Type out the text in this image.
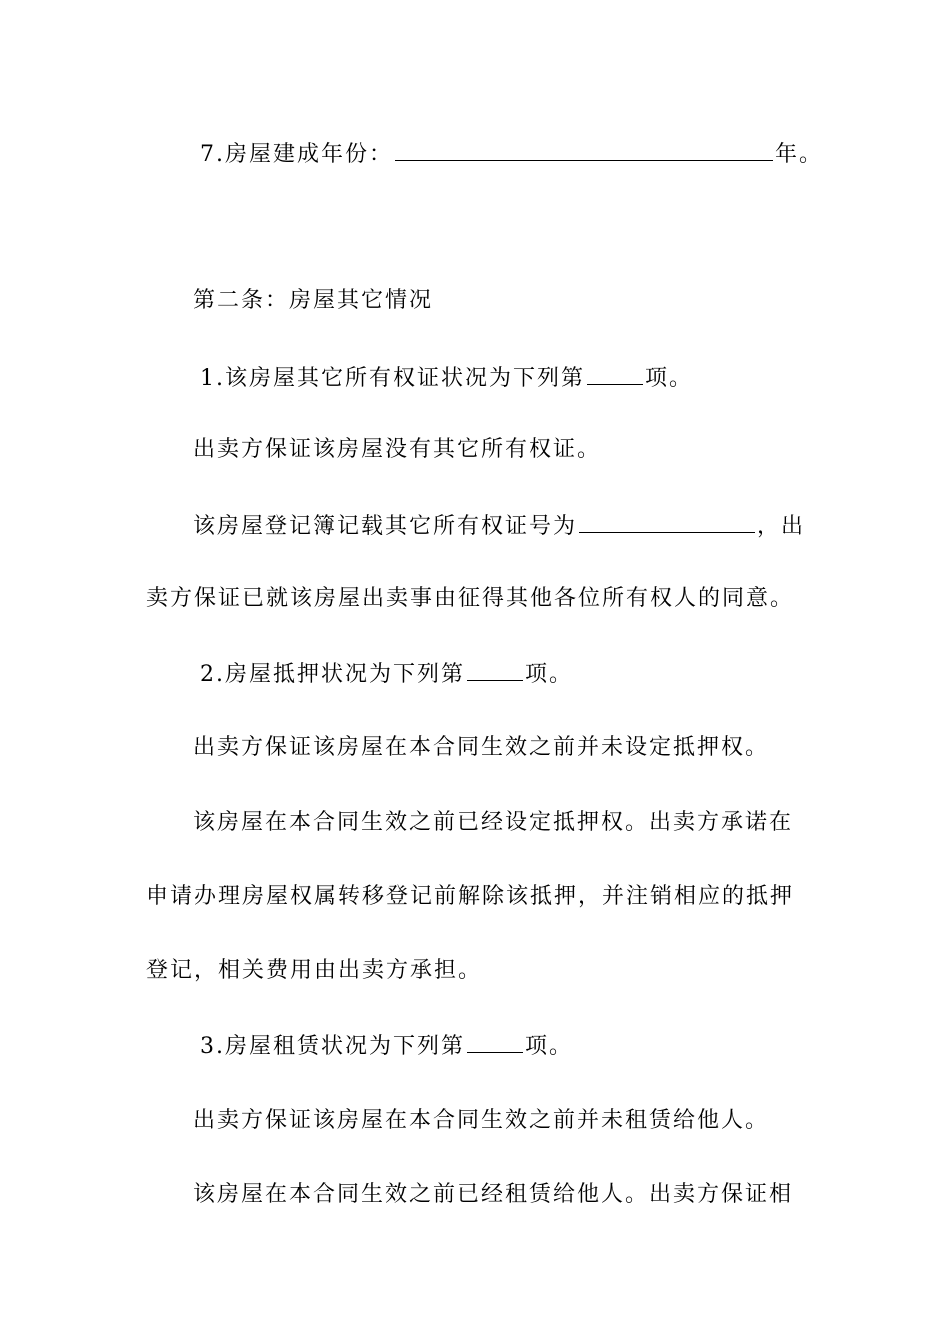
7.房屋建成年份：	年。
第二条：房屋其它情况
1.该房屋其它所有权证状况为下列第	项。
出卖方保证该房屋没有其它所有权证。
该房屋登记簿记载其它所有权证号为	，出
卖方保证已就该房屋出卖事由征得其他各位所有权人的同意。
2.房屋抵押状况为下列第	项。
出卖方保证该房屋在本合同生效之前并未设定抵押权。
该房屋在本合同生效之前已经设定抵押权。出卖方承诺在
申请办理房屋权属转移登记前解除该抵押，并注销相应的抵押
登记，相关费用由出卖方承担。
3.房屋租赁状况为下列第	项。
出卖方保证该房屋在本合同生效之前并未租赁给他人。
该房屋在本合同生效之前已经租赁给他人。出卖方保证相
